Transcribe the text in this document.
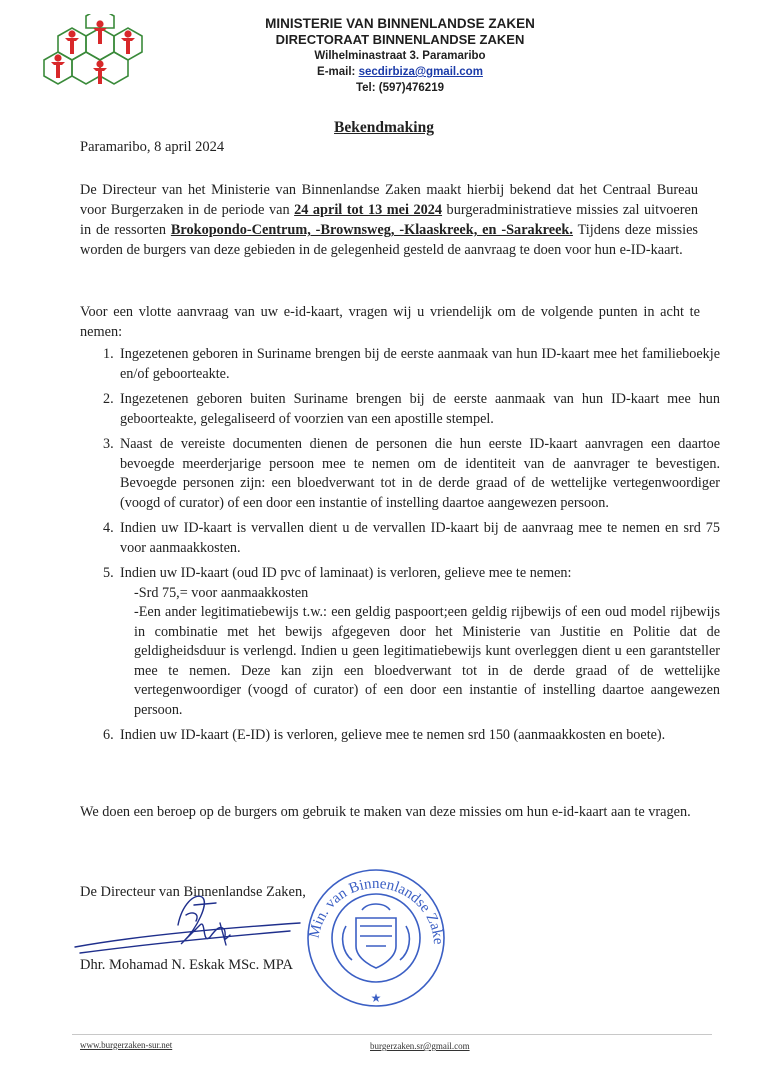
MINISTERIE VAN BINNENLANDSE ZAKEN
DIRECTORAAT BINNENLANDSE ZAKEN
Wilhelminastraat 3. Paramaribo
E-mail: secdirbiza@gmail.com
Tel: (597)476219
Bekendmaking
Paramaribo, 8 april 2024
De Directeur van het Ministerie van Binnenlandse Zaken maakt hierbij bekend dat het Centraal Bureau voor Burgerzaken in de periode van 24 april tot 13 mei 2024 burgeradministratieve missies zal uitvoeren in de ressorten Brokopondo-Centrum, -Brownsweg, -Klaaskreek, en -Sarakreek. Tijdens deze missies worden de burgers van deze gebieden in de gelegenheid gesteld de aanvraag te doen voor hun e-ID-kaart.
Voor een vlotte aanvraag van uw e-id-kaart, vragen wij u vriendelijk om de volgende punten in acht te nemen:
1. Ingezetenen geboren in Suriname brengen bij de eerste aanmaak van hun ID-kaart mee het familieboekje en/of geboorteakte.
2. Ingezetenen geboren buiten Suriname brengen bij de eerste aanmaak van hun ID-kaart mee hun geboorteakte, gelegaliseerd of voorzien van een apostille stempel.
3. Naast de vereiste documenten dienen de personen die hun eerste ID-kaart aanvragen een daartoe bevoegde meerderjarige persoon mee te nemen om de identiteit van de aanvrager te bevestigen. Bevoegde personen zijn: een bloedverwant tot in de derde graad of de wettelijke vertegenwoordiger (voogd of curator) of een door een instantie of instelling daartoe aangewezen persoon.
4. Indien uw ID-kaart is vervallen dient u de vervallen ID-kaart bij de aanvraag mee te nemen en srd 75 voor aanmaakkosten.
5. Indien uw ID-kaart (oud ID pvc of laminaat) is verloren, gelieve mee te nemen:
-Srd 75,= voor aanmaakkosten
-Een ander legitimatiebewijs t.w.: een geldig paspoort;een geldig rijbewijs of een oud model rijbewijs in combinatie met het bewijs afgegeven door het Ministerie van Justitie en Politie dat de geldigheidsduur is verlengd. Indien u geen legitimatiebewijs kunt overleggen dient u een garantsteller mee te nemen. Deze kan zijn een bloedverwant tot in de derde graad of de wettelijke vertegenwoordiger (voogd of curator) of een door een instantie of instelling daartoe aangewezen persoon.
6. Indien uw ID-kaart (E-ID) is verloren, gelieve mee te nemen srd 150 (aanmaakkosten en boete).
We doen een beroep op de burgers om gebruik te maken van deze missies om hun e-id-kaart aan te vragen.
De Directeur van Binnenlandse Zaken,
Dhr. Mohamad N. Eskak MSc. MPA
Min. van Binnenlandse Zake
★
www.burgerzaken-sur.net	burgerzaken.sr@gmail.com
